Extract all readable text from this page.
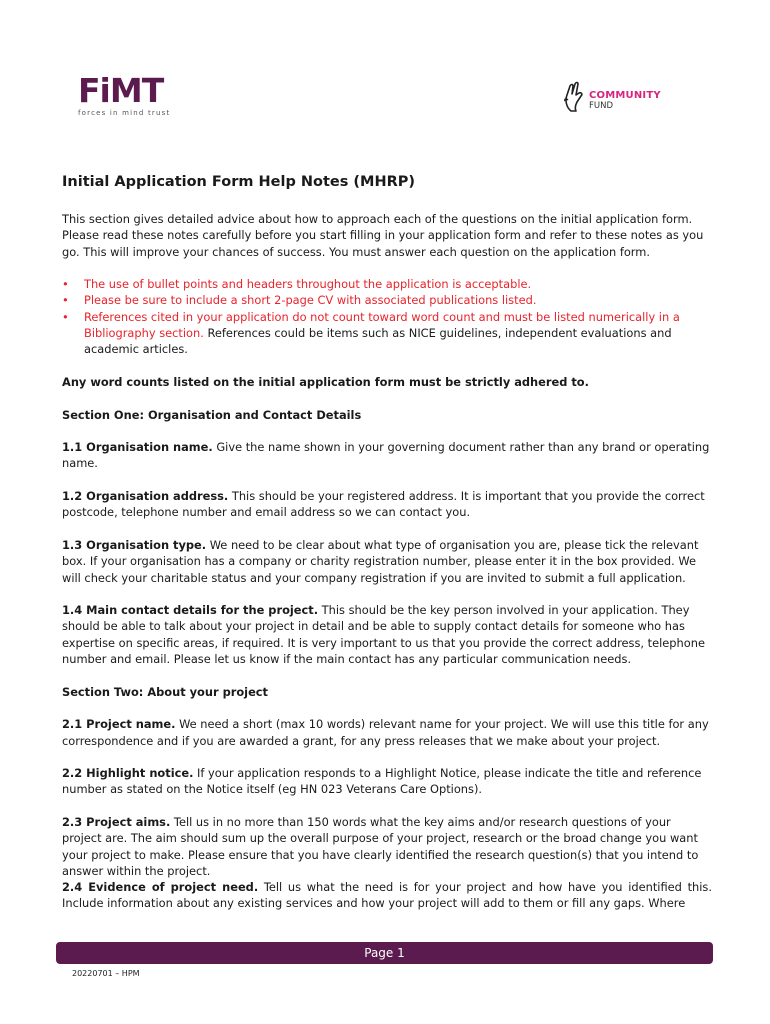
FiMT
forces in mind trust
COMMUNITY
FUND
Initial Application Form Help Notes (MHRP)

This section gives detailed advice about how to approach each of the questions on the initial application form. Please read these notes carefully before you start filling in your application form and refer to these notes as you go. This will improve your chances of success. You must answer each question on the application form.

• The use of bullet points and headers throughout the application is acceptable.
• Please be sure to include a short 2-page CV with associated publications listed.
• References cited in your application do not count toward word count and must be listed numerically in a Bibliography section. References could be items such as NICE guidelines, independent evaluations and academic articles.

Any word counts listed on the initial application form must be strictly adhered to.

Section One: Organisation and Contact Details

1.1 Organisation name. Give the name shown in your governing document rather than any brand or operating name.

1.2 Organisation address. This should be your registered address. It is important that you provide the correct postcode, telephone number and email address so we can contact you.

1.3 Organisation type. We need to be clear about what type of organisation you are, please tick the relevant box. If your organisation has a company or charity registration number, please enter it in the box provided. We will check your charitable status and your company registration if you are invited to submit a full application.

1.4 Main contact details for the project. This should be the key person involved in your application. They should be able to talk about your project in detail and be able to supply contact details for someone who has expertise on specific areas, if required. It is very important to us that you provide the correct address, telephone number and email. Please let us know if the main contact has any particular communication needs.

Section Two: About your project

2.1 Project name. We need a short (max 10 words) relevant name for your project. We will use this title for any correspondence and if you are awarded a grant, for any press releases that we make about your project.

2.2 Highlight notice. If your application responds to a Highlight Notice, please indicate the title and reference number as stated on the Notice itself (eg HN 023 Veterans Care Options).

2.3 Project aims. Tell us in no more than 150 words what the key aims and/or research questions of your project are. The aim should sum up the overall purpose of your project, research or the broad change you want your project to make. Please ensure that you have clearly identified the research question(s) that you intend to answer within the project.

2.4 Evidence of project need. Tell us what the need is for your project and how have you identified this. Include information about any existing services and how your project will add to them or fill any gaps. Where

Page 1
20220701 – HPM
